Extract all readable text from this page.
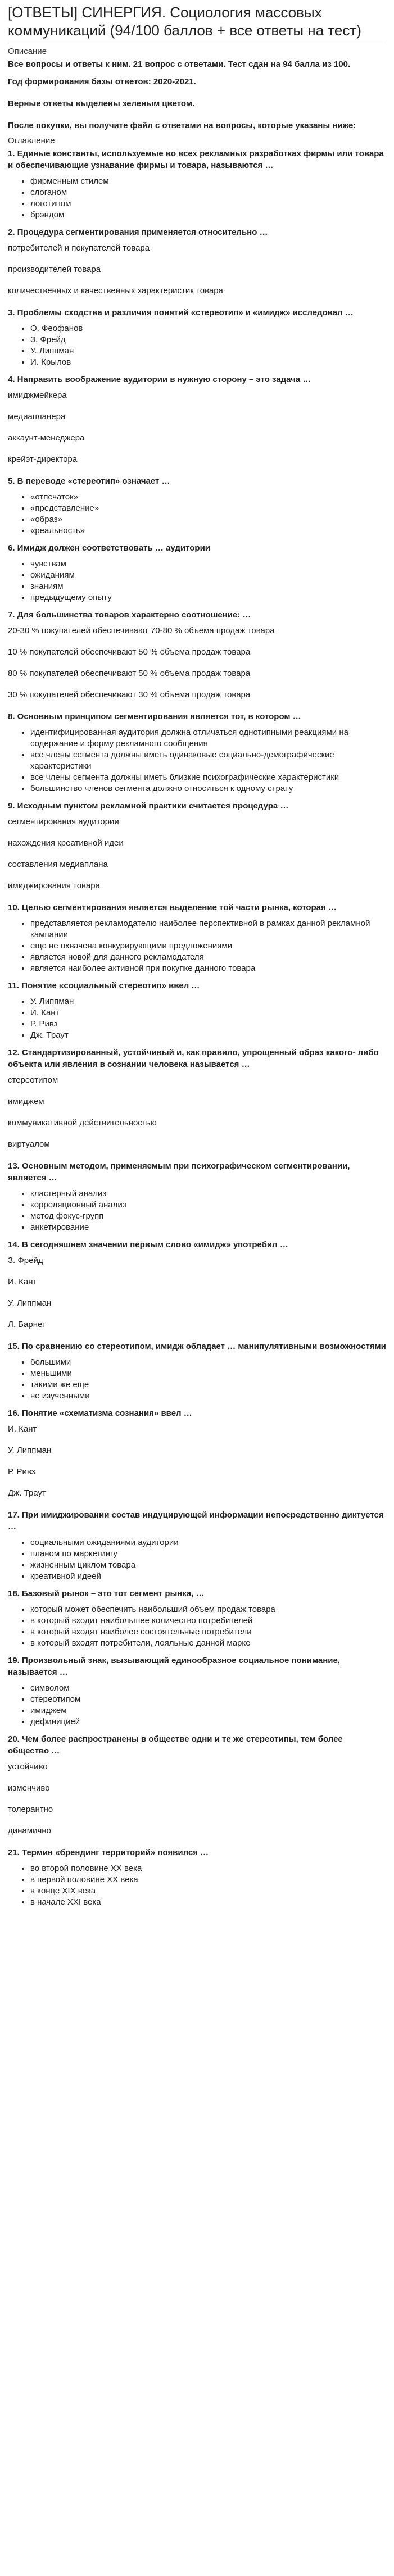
[ОТВЕТЫ] СИНЕРГИЯ. Социология массовых коммуникаций (94/100 баллов + все ответы на тест)
Описание

Все вопросы и ответы к ним. 21 вопрос с ответами. Тест сдан на 94 балла из 100.

Год формирования базы ответов: 2020-2021.

Верные ответы выделены зеленым цветом.

После покупки, вы получите файл с ответами на вопросы, которые указаны ниже:

Оглавление

1. Единые константы, используемые во всех рекламных разработках фирмы или товара и обеспечивающие узнавание фирмы и товара, называются …

• фирменным стилем
• слоганом
• логотипом
• брэндом

2. Процедура сегментирования применяется относительно …

потребителей и покупателей товара

производителей товара

количественных и качественных характеристик товара

3. Проблемы сходства и различия понятий «стереотип» и «имидж» исследовал …

• О. Феофанов
• З. Фрейд
• У. Липпман
• И. Крылов

4. Направить воображение аудитории в нужную сторону – это задача …

имиджмейкера

медиапланера

аккаунт-менеджера

крейэт-директора

5. В переводе «стереотип» означает …

• «отпечаток»
• «представление»
• «образ»
• «реальность»

6. Имидж должен соответствовать … аудитории

• чувствам
• ожиданиям
• знаниям
• предыдущему опыту

7. Для большинства товаров характерно соотношение: …

20-30 % покупателей обеспечивают 70-80 % объема продаж товара

10 % покупателей обеспечивают 50 % объема продаж товара

80 % покупателей обеспечивают 50 % объема продаж товара

30 % покупателей обеспечивают 30 % объема продаж товара

8. Основным принципом сегментирования является тот, в котором …

• идентифицированная аудитория должна отличаться однотипными реакциями на содержание и форму рекламного сообщения
• все члены сегмента должны иметь одинаковые социально-демографические характеристики
• все члены сегмента должны иметь близкие психографические характеристики
• большинство членов сегмента должно относиться к одному страту

9. Исходным пунктом рекламной практики считается процедура …

сегментирования аудитории

нахождения креативной идеи

составления медиаплана

имиджирования товара

10. Целью сегментирования является выделение той части рынка, которая …

• представляется рекламодателю наиболее перспективной в рамках данной рекламной кампании
• еще не охвачена конкурирующими предложениями
• является новой для данного рекламодателя
• является наиболее активной при покупке данного товара

11. Понятие «социальный стереотип» ввел …

• У. Липпман
• И. Кант
• Р. Ривз
• Дж. Траут

12. Стандартизированный, устойчивый и, как правило, упрощенный образ какого- либо объекта или явления в сознании человека называется …

стереотипом

имиджем

коммуникативной действительностью

виртуалом

13. Основным методом, применяемым при психографическом сегментировании, является …

• кластерный анализ
• корреляционный анализ
• метод фокус-групп
• анкетирование

14. В сегодняшнем значении первым слово «имидж» употребил …

З. Фрейд

И. Кант

У. Липпман

Л. Барнет

15. По сравнению со стереотипом, имидж обладает … манипулятивными возможностями

• большими
• меньшими
• такими же еще
• не изученными

16. Понятие «схематизма сознания» ввел …

И. Кант

У. Липпман

Р. Ривз

Дж. Траут

17. При имиджировании состав индуцирующей информации непосредственно диктуется …

• социальными ожиданиями аудитории
• планом по маркетингу
• жизненным циклом товара
• креативной идеей

18. Базовый рынок – это тот сегмент рынка, …

• который может обеспечить наибольший объем продаж товара
• в который входит наибольшее количество потребителей
• в который входят наиболее состоятельные потребители
• в который входят потребители, лояльные данной марке

19. Произвольный знак, вызывающий единообразное социальное понимание, называется …

• символом
• стереотипом
• имиджем
• дефиницией

20. Чем более распространены в обществе одни и те же стереотипы, тем более общество …

устойчиво

изменчиво

толерантно

динамично

21. Термин «брендинг территорий» появился …

• во второй половине XX века
• в первой половине XX века
• в конце XIX века
• в начале XXI века
